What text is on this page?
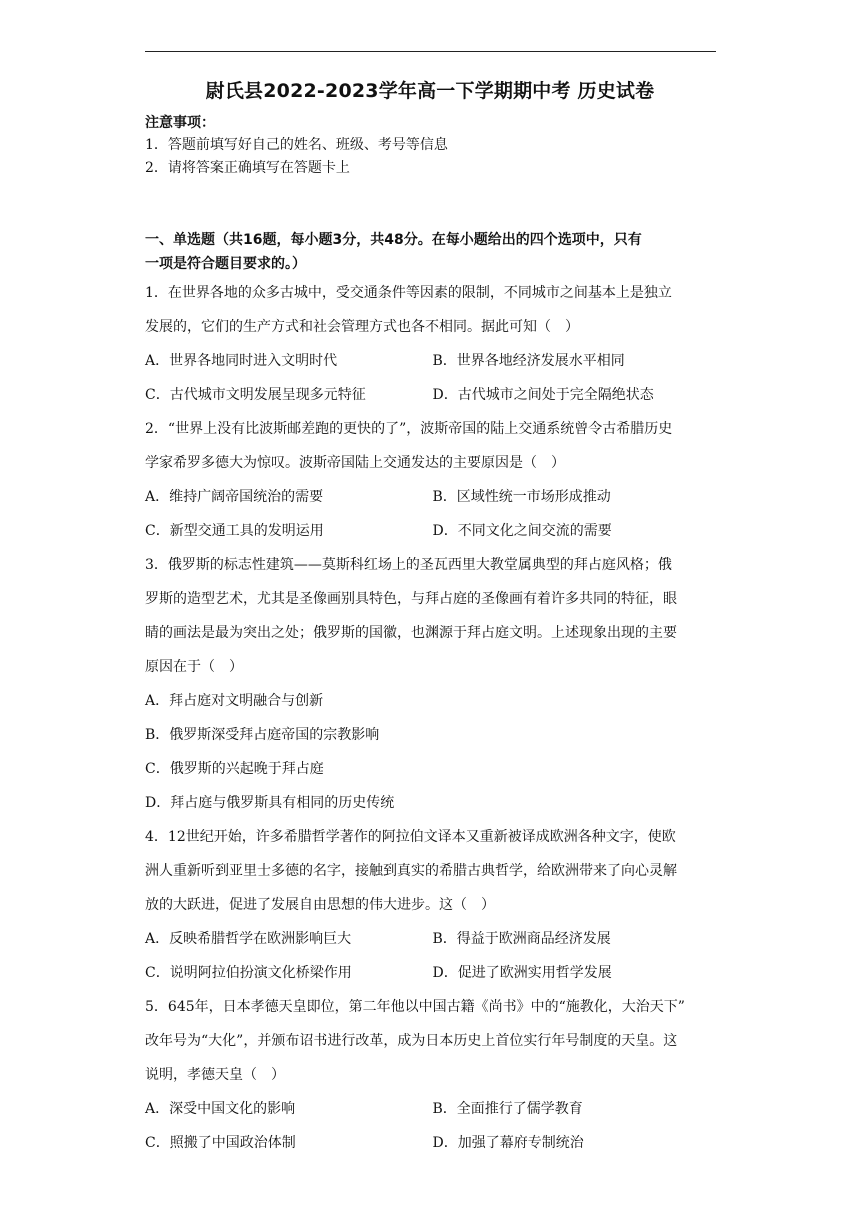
尉氏县2022-2023学年高一下学期期中考 历史试卷
注意事项：
1．答题前填写好自己的姓名、班级、考号等信息
2．请将答案正确填写在答题卡上
一、单选题（共16题，每小题3分，共48分。在每小题给出的四个选项中，只有
一项是符合题目要求的。）
1．在世界各地的众多古城中，受交通条件等因素的限制，不同城市之间基本上是独立
发展的，它们的生产方式和社会管理方式也各不相同。据此可知（　）
A．世界各地同时进入文明时代	B．世界各地经济发展水平相同
C．古代城市文明发展呈现多元特征	D．古代城市之间处于完全隔绝状态
2．“世界上没有比波斯邮差跑的更快的了”，波斯帝国的陆上交通系统曾令古希腊历史
学家希罗多德大为惊叹。波斯帝国陆上交通发达的主要原因是（　）
A．维持广阔帝国统治的需要	B．区域性统一市场形成推动
C．新型交通工具的发明运用	D．不同文化之间交流的需要
3．俄罗斯的标志性建筑——莫斯科红场上的圣瓦西里大教堂属典型的拜占庭风格；俄
罗斯的造型艺术，尤其是圣像画别具特色，与拜占庭的圣像画有着许多共同的特征，眼
睛的画法是最为突出之处；俄罗斯的国徽，也渊源于拜占庭文明。上述现象出现的主要
原因在于（　）
A．拜占庭对文明融合与创新
B．俄罗斯深受拜占庭帝国的宗教影响
C．俄罗斯的兴起晚于拜占庭
D．拜占庭与俄罗斯具有相同的历史传统
4．12世纪开始，许多希腊哲学著作的阿拉伯文译本又重新被译成欧洲各种文字，使欧
洲人重新听到亚里士多德的名字，接触到真实的希腊古典哲学，给欧洲带来了向心灵解
放的大跃进，促进了发展自由思想的伟大进步。这（　）
A．反映希腊哲学在欧洲影响巨大	B．得益于欧洲商品经济发展
C．说明阿拉伯扮演文化桥梁作用	D．促进了欧洲实用哲学发展
5．645年，日本孝德天皇即位，第二年他以中国古籍《尚书》中的“施教化，大治天下”
改年号为“大化”，并颁布诏书进行改革，成为日本历史上首位实行年号制度的天皇。这
说明，孝德天皇（　）
A．深受中国文化的影响	B．全面推行了儒学教育
C．照搬了中国政治体制	D．加强了幕府专制统治
